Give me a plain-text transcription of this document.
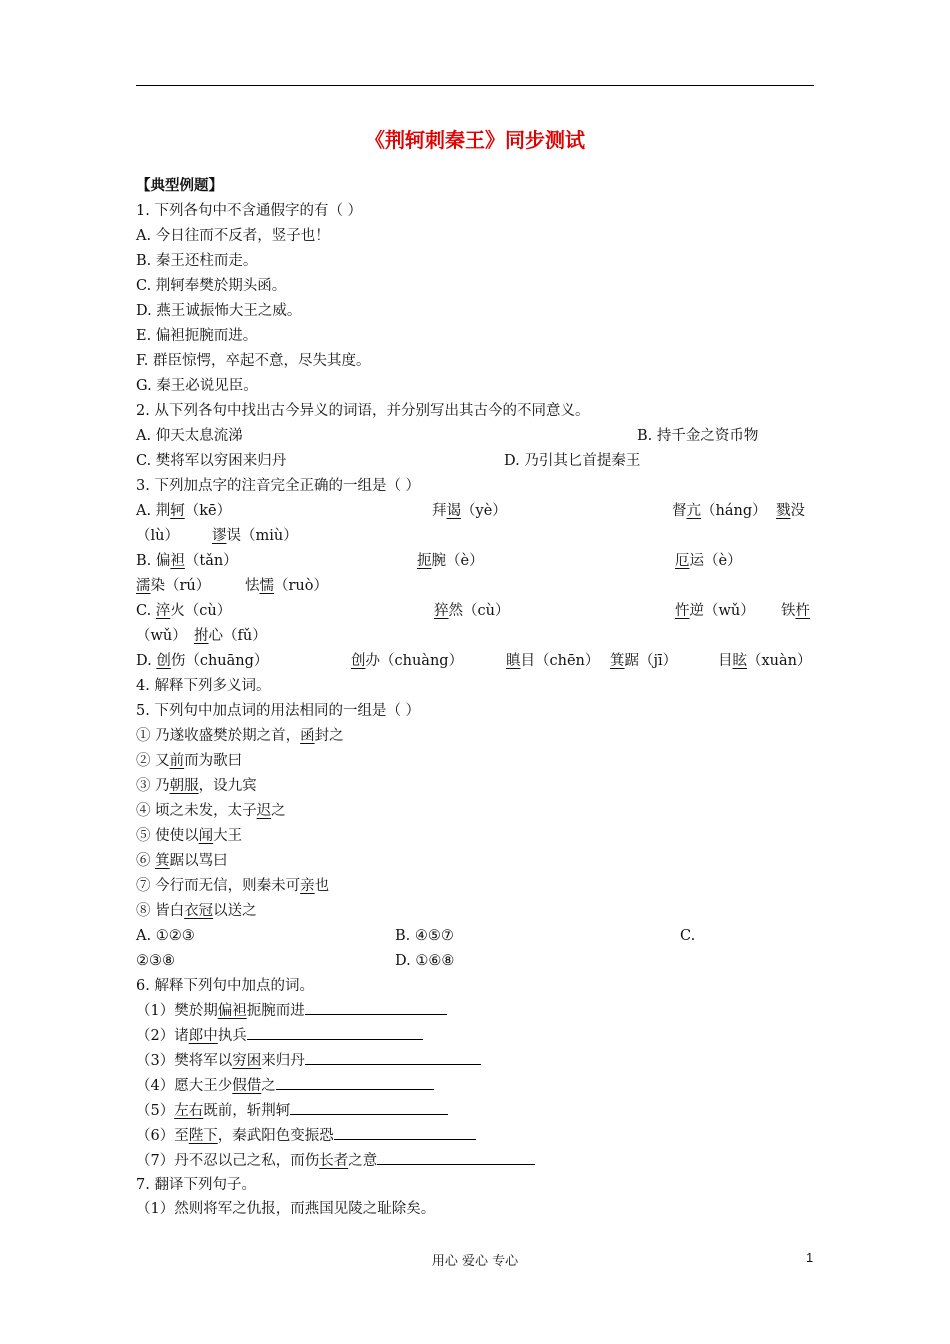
《荆轲刺秦王》同步测试
【典型例题】
1. 下列各句中不含通假字的有（ ）
A. 今日往而不反者，竖子也！
B. 秦王还柱而走。
C. 荆轲奉樊於期头函。
D. 燕王诚振怖大王之威。
E. 偏袒扼腕而进。
F. 群臣惊愕，卒起不意，尽失其度。
G. 秦王必说见臣。
2. 从下列各句中找出古今异义的词语，并分别写出其古今的不同意义。
A. 仰天太息流涕	B. 持千金之资币物
C. 樊将军以穷困来归丹	D. 乃引其匕首提秦王
3. 下列加点字的注音完全正确的一组是（ ）
A. 荆轲（kē）	拜谒（yè）	督亢（háng） 戮没
（lù） 谬误（miù）
B. 偏袒（tǎn）	扼腕（è）	厄运（è）
濡染（rú） 怯懦（ruò）
C. 淬火（cù）	猝然（cù）	忤逆（wǔ） 铁杵
（wǔ） 拊心（fǔ）
D. 创伤（chuāng）	创办（chuàng）	瞋目（chēn） 箕踞（jī）	目眩（xuàn）
4. 解释下列多义词。
5. 下列句中加点词的用法相同的一组是（ ）
① 乃遂收盛樊於期之首，函封之
② 又前而为歌曰
③ 乃朝服，设九宾
④ 顷之未发，太子迟之
⑤ 使使以闻大王
⑥ 箕踞以骂曰
⑦ 今行而无信，则秦未可亲也
⑧ 皆白衣冠以送之
A. ①②③	B. ④⑤⑦	C.
②③⑧	D. ①⑥⑧
6. 解释下列句中加点的词。
（1）樊於期偏袒扼腕而进
（2）诸郎中执兵
（3）樊将军以穷困来归丹
（4）愿大王少假借之
（5）左右既前，斩荆轲
（6）至陛下，秦武阳色变振恐
（7）丹不忍以己之私，而伤长者之意
7. 翻译下列句子。
（1）然则将军之仇报，而燕国见陵之耻除矣。
用心 爱心 专心	1
